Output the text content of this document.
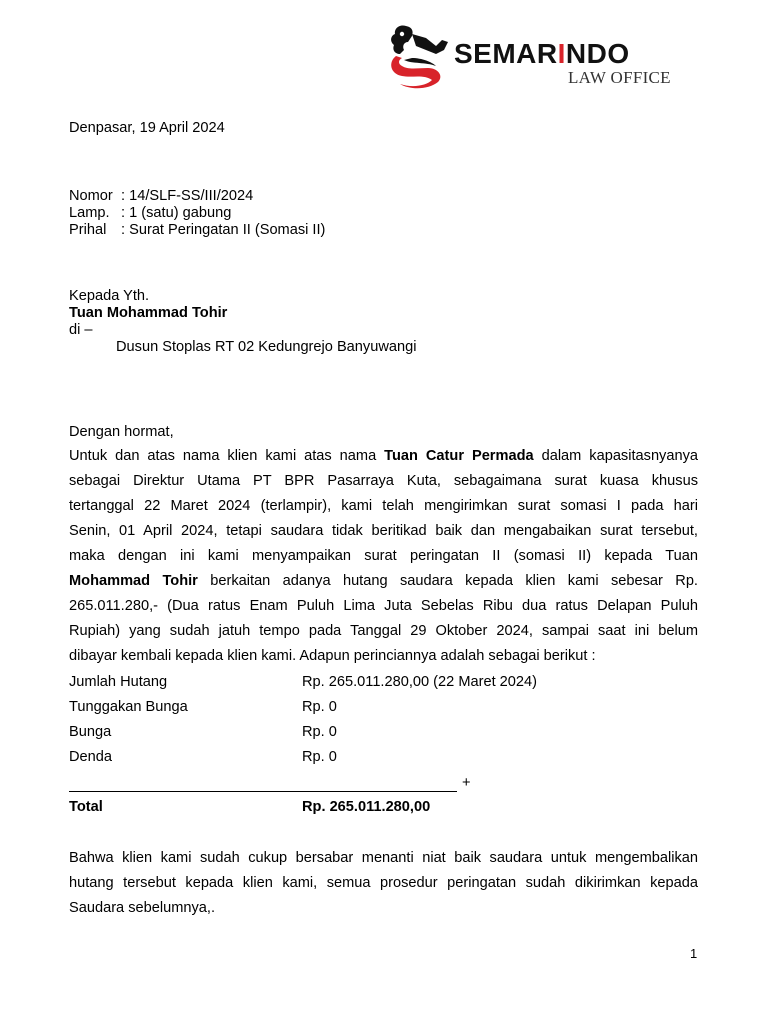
SEMARINDO
LAW OFFICE
Denpasar, 19 April 2024
Nomor : 14/SLF-SS/III/2024
Lamp. : 1 (satu) gabung
Prihal	: Surat Peringatan II (Somasi II)
Kepada Yth.
Tuan Mohammad Tohir
di –
Dusun Stoplas RT 02 Kedungrejo Banyuwangi
Dengan hormat,
Untuk dan atas nama klien kami atas nama Tuan Catur Permada dalam kapasitasnyanya
sebagai Direktur Utama PT BPR Pasarraya Kuta, sebagaimana surat kuasa khusus
tertanggal 22 Maret 2024 (terlampir), kami telah mengirimkan surat somasi I pada hari
Senin, 01 April 2024, tetapi saudara tidak beritikad baik dan mengabaikan surat tersebut,
maka dengan ini kami menyampaikan surat peringatan II (somasi II) kepada Tuan
Mohammad Tohir berkaitan adanya hutang saudara kepada klien kami sebesar Rp.
265.011.280,- (Dua ratus Enam Puluh Lima Juta Sebelas Ribu dua ratus Delapan Puluh
Rupiah) yang sudah jatuh tempo pada Tanggal 29 Oktober 2024, sampai saat ini belum
dibayar kembali kepada klien kami. Adapun perinciannya adalah sebagai berikut :
Jumlah Hutang	Rp. 265.011.280,00 (22 Maret 2024)
Tunggakan Bunga	Rp. 0
Bunga	Rp. 0
Denda	Rp. 0
+
Total	Rp. 265.011.280,00
Bahwa klien kami sudah cukup bersabar menanti niat baik saudara untuk mengembalikan
hutang tersebut kepada klien kami, semua prosedur peringatan sudah dikirimkan kepada
Saudara sebelumnya,.
1
